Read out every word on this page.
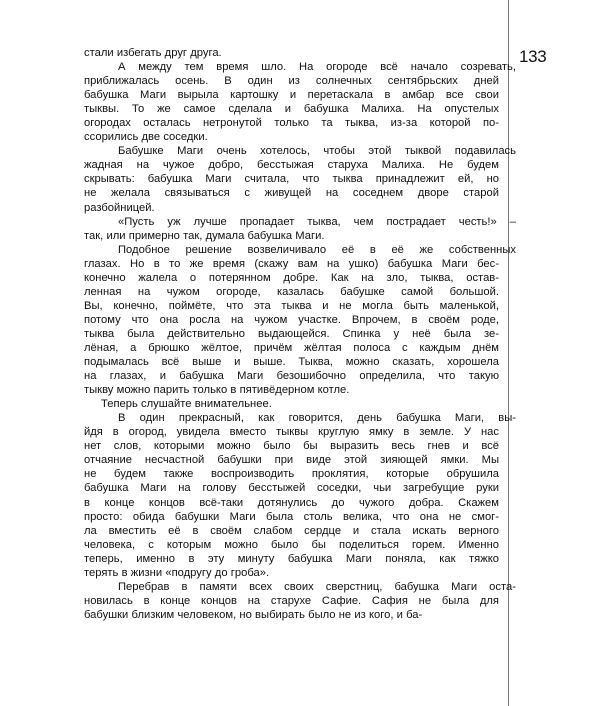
133

стали избегать друг друга.

А между тем время шло. На огороде всё начало созревать,
приближалась осень. В один из солнечных сентябрьских дней
бабушка Маги вырыла картошку и перетаскала в амбар все свои
тыквы. То же самое сделала и бабушка Малиха. На опустелых
огородах осталась нетронутой только та тыква, из-за которой по-
ссорились две соседки.

Бабушке Маги очень хотелось, чтобы этой тыквой подавилась
жадная на чужое добро, бесстыжая старуха Малиха. Не будем
скрывать: бабушка Маги считала, что тыква принадлежит ей, но
не желала связываться с живущей на соседнем дворе старой
разбойницей.

«Пусть уж лучше пропадает тыква, чем пострадает честь!» –
так, или примерно так, думала бабушка Маги.

Подобное решение возвеличивало её в её же собственных
глазах. Но в то же время (скажу вам на ушко) бабушка Маги бес-
конечно жалела о потерянном добре. Как на зло, тыква, остав-
ленная на чужом огороде, казалась бабушке самой большой.
Вы, конечно, поймёте, что эта тыква и не могла быть маленькой,
потому что она росла на чужом участке. Впрочем, в своём роде,
тыква была действительно выдающейся. Спинка у неё была зе-
лёная, а брюшко жёлтое, причём жёлтая полоса с каждым днём
подымалась всё выше и выше. Тыква, можно сказать, хорошела
на глазах, и бабушка Маги безошибочно определила, что такую
тыкву можно парить только в пятивёдерном котле.

Теперь слушайте внимательнее.

В один прекрасный, как говорится, день бабушка Маги, вы-
йдя в огород, увидела вместо тыквы круглую ямку в земле. У нас
нет слов, которыми можно было бы выразить весь гнев и всё
отчаяние несчастной бабушки при виде этой зияющей ямки. Мы
не будем также воспроизводить проклятия, которые обрушила
бабушка Маги на голову бесстыжей соседки, чьи загребущие руки
в конце концов всё-таки дотянулись до чужого добра. Скажем
просто: обида бабушки Маги была столь велика, что она не смог-
ла вместить её в своём слабом сердце и стала искать верного
человека, с которым можно было бы поделиться горем. Именно
теперь, именно в эту минуту бабушка Маги поняла, как тяжко
терять в жизни «подругу до гроба».

Перебрав в памяти всех своих сверстниц, бабушка Маги оста-
новилась в конце концов на старухе Сафие. Сафия не была для
бабушки близким человеком, но выбирать было не из кого, и ба-
